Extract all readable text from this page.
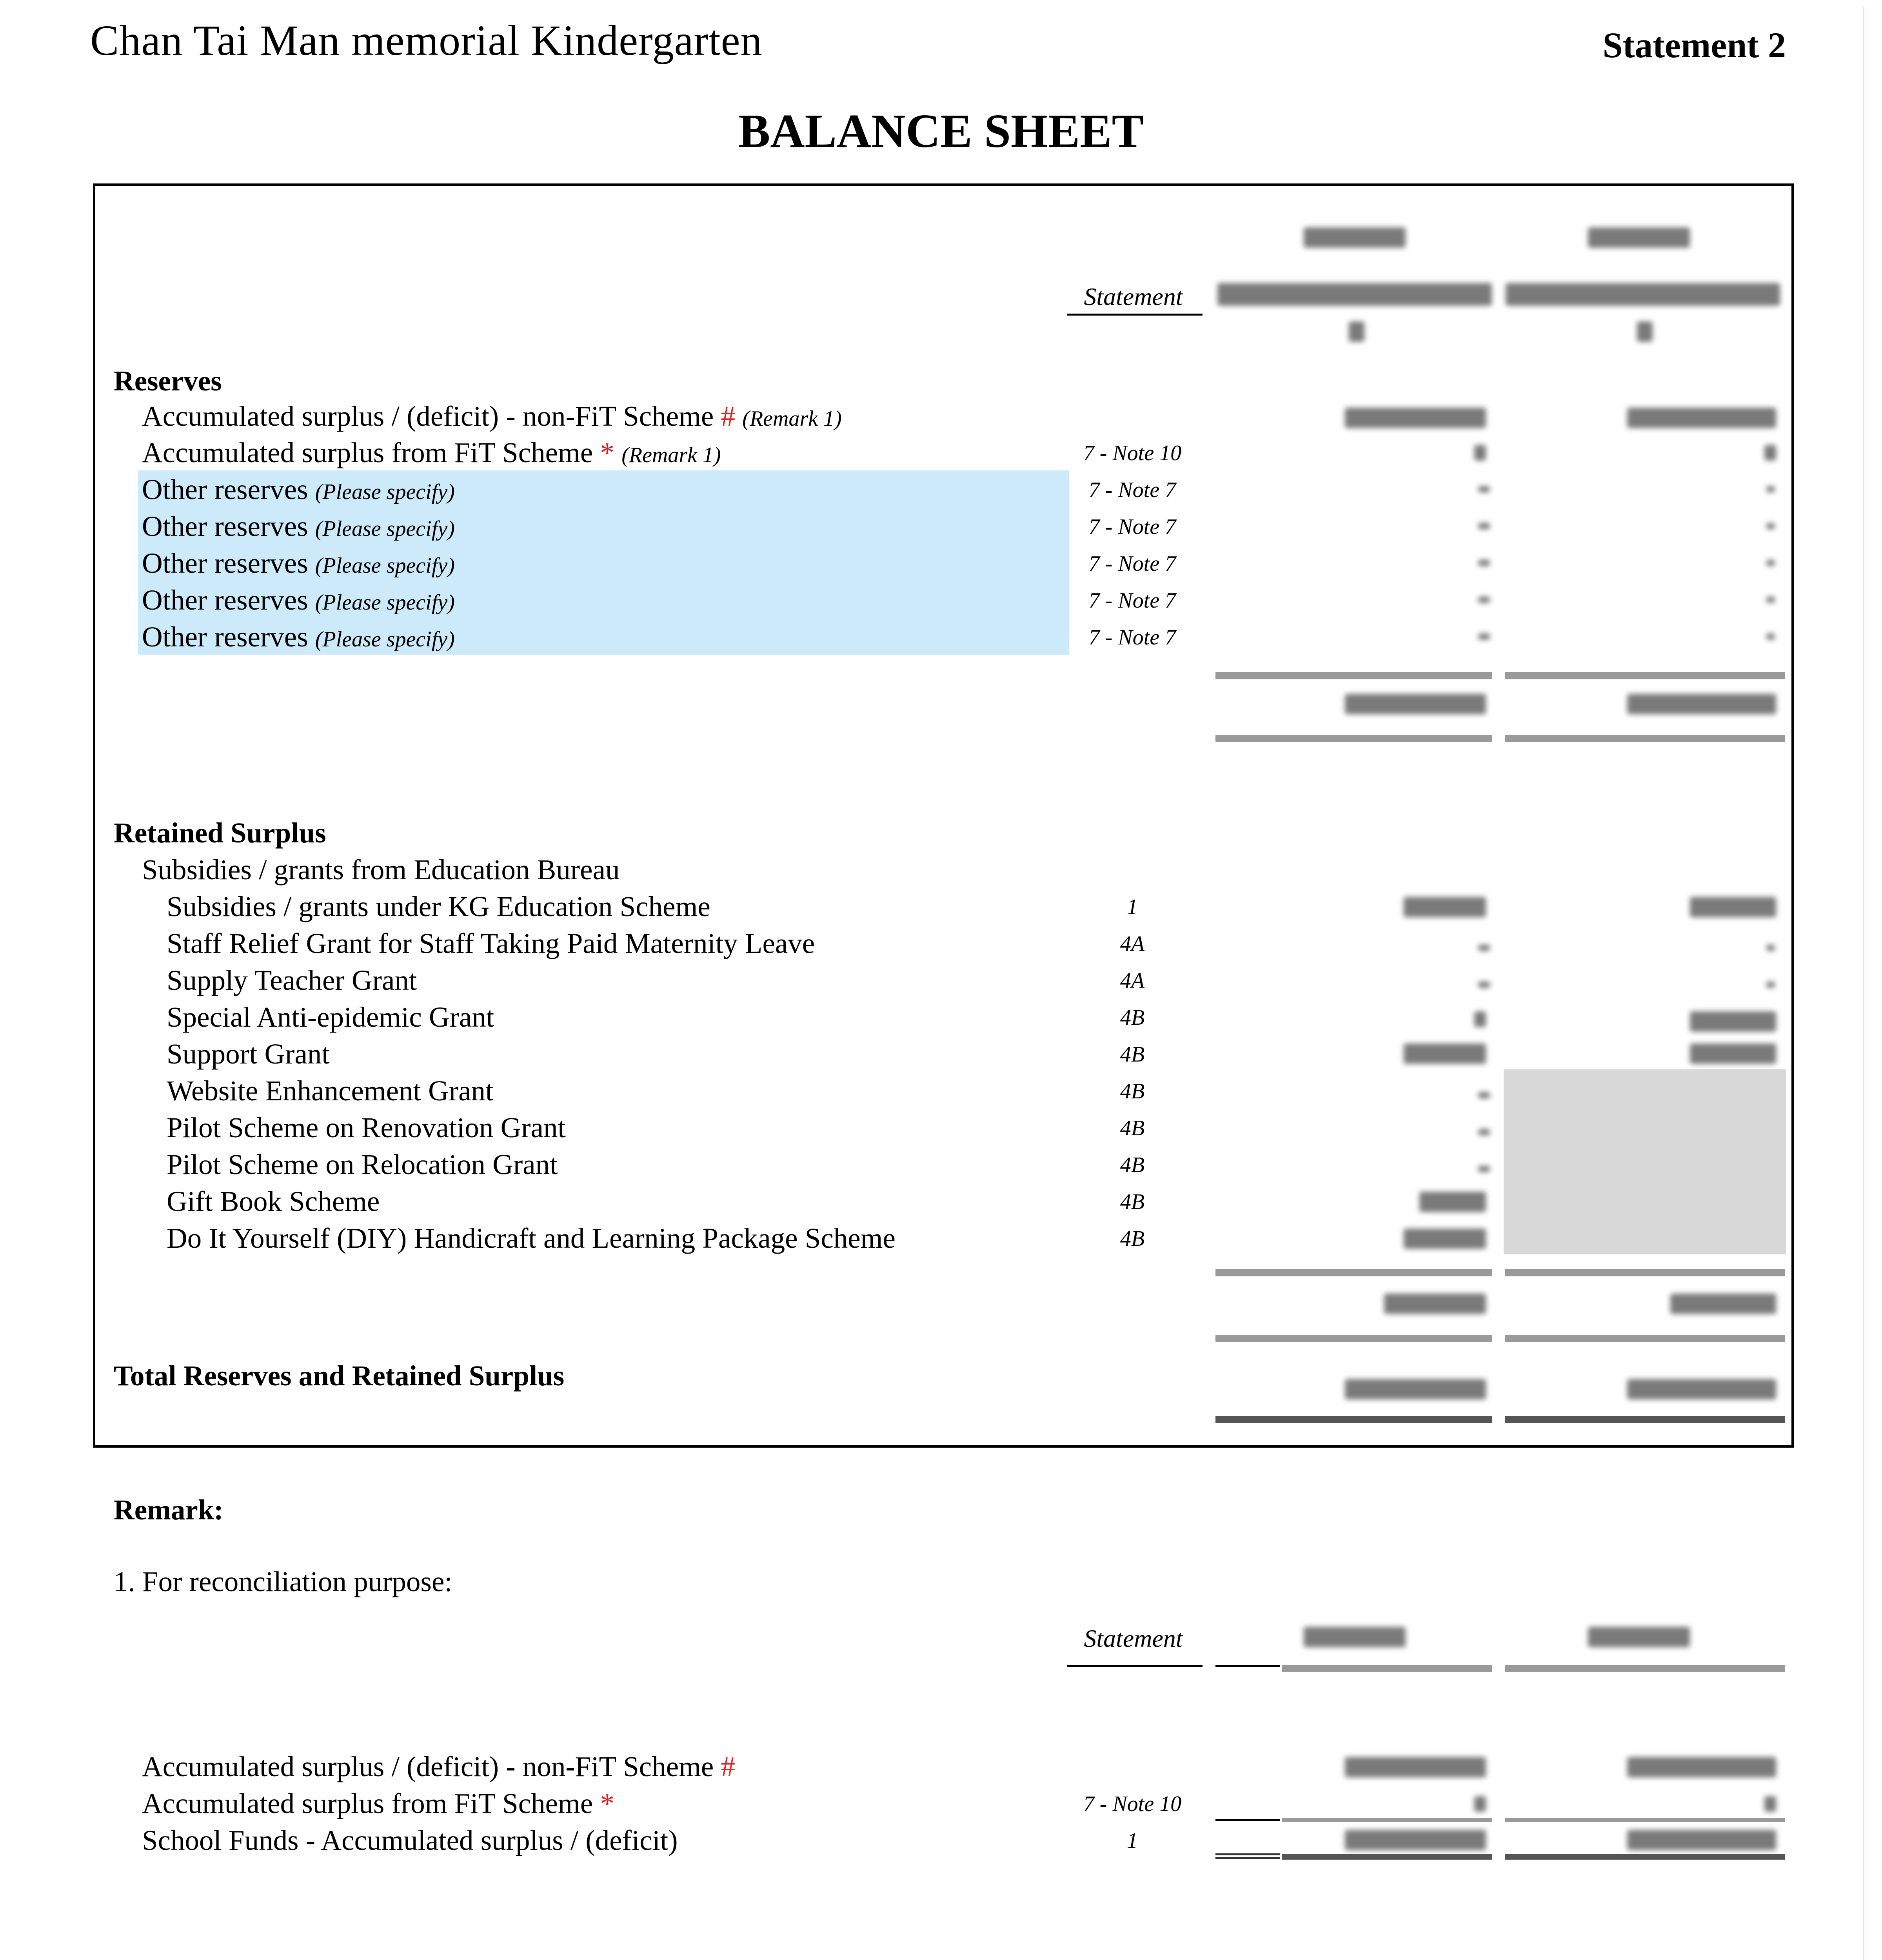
Chan Tai Man memorial Kindergarten	Statement 2
BALANCE SHEET
Statement
Reserves
Accumulated surplus / (deficit) - non-FiT Scheme # (Remark 1)
Accumulated surplus from FiT Scheme * (Remark 1)	7 - Note 10
Other reserves (Please specify)	7 - Note 7
Other reserves (Please specify)	7 - Note 7
Other reserves (Please specify)	7 - Note 7
Other reserves (Please specify)	7 - Note 7
Other reserves (Please specify)	7 - Note 7
Retained Surplus
Subsidies / grants from Education Bureau
Subsidies / grants under KG Education Scheme	1
Staff Relief Grant for Staff Taking Paid Maternity Leave	4A
Supply Teacher Grant	4A
Special Anti-epidemic Grant	4B
Support Grant	4B
Website Enhancement Grant	4B
Pilot Scheme on Renovation Grant	4B
Pilot Scheme on Relocation Grant	4B
Gift Book Scheme	4B
Do It Yourself (DIY) Handicraft and Learning Package Scheme	4B
Total Reserves and Retained Surplus
Remark:
1. For reconciliation purpose:
Statement
Accumulated surplus / (deficit) - non-FiT Scheme #
Accumulated surplus from FiT Scheme *	7 - Note 10
School Funds - Accumulated surplus / (deficit)	1
